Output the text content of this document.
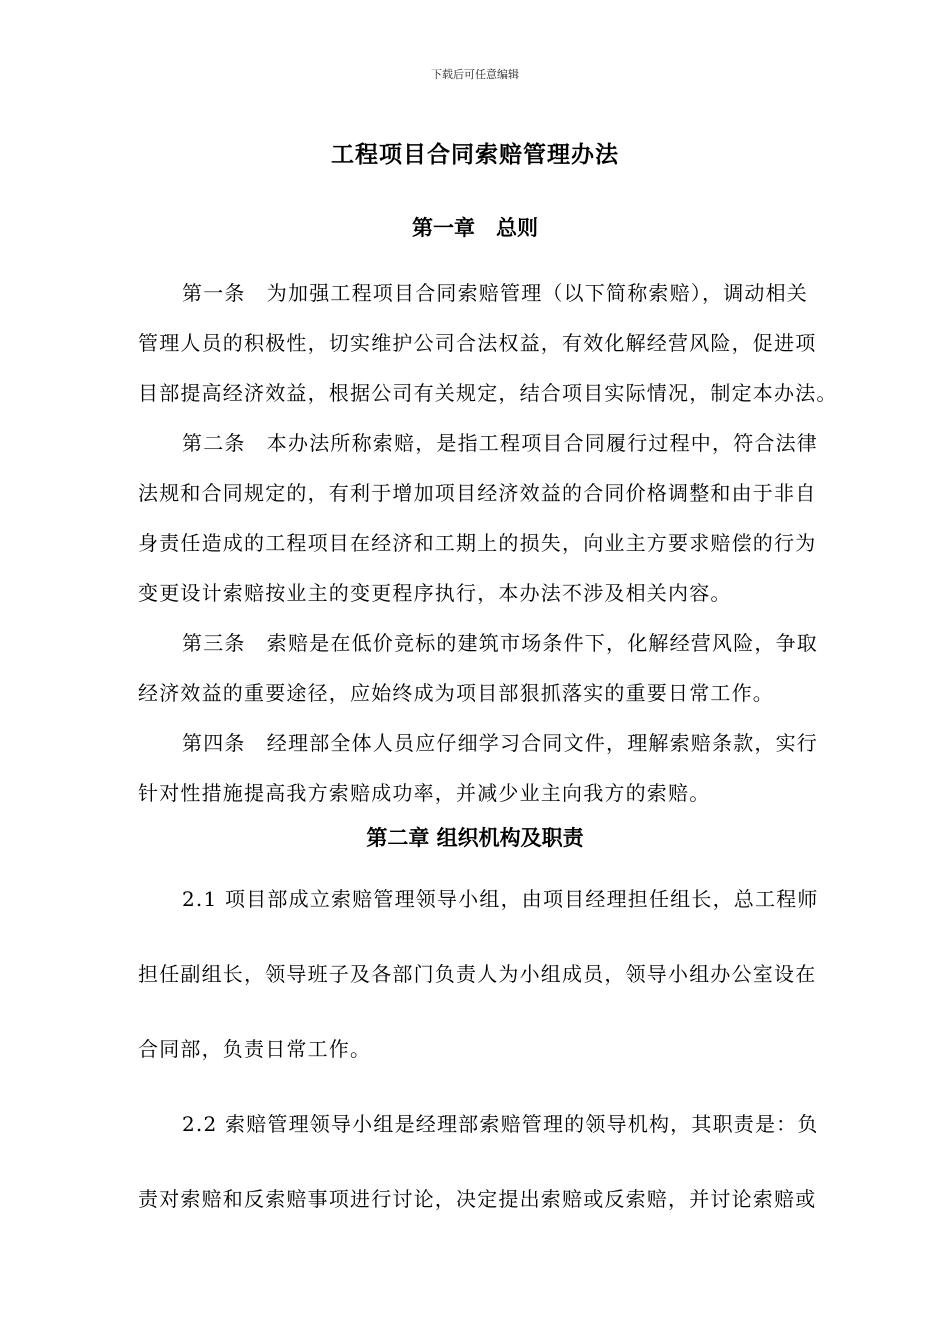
下载后可任意编辑
工程项目合同索赔管理办法
第一章　总则
第一条　为加强工程项目合同索赔管理（以下简称索赔），调动相关
管理人员的积极性，切实维护公司合法权益，有效化解经营风险，促进项
目部提高经济效益，根据公司有关规定，结合项目实际情况，制定本办法。
第二条　本办法所称索赔，是指工程项目合同履行过程中，符合法律
法规和合同规定的，有利于增加项目经济效益的合同价格调整和由于非自
身责任造成的工程项目在经济和工期上的损失，向业主方要求赔偿的行为
变更设计索赔按业主的变更程序执行，本办法不涉及相关内容。
第三条　索赔是在低价竞标的建筑市场条件下，化解经营风险，争取
经济效益的重要途径，应始终成为项目部狠抓落实的重要日常工作。
第四条　经理部全体人员应仔细学习合同文件，理解索赔条款，实行
针对性措施提高我方索赔成功率，并减少业主向我方的索赔。
第二章 组织机构及职责
2.1 项目部成立索赔管理领导小组，由项目经理担任组长，总工程师
担任副组长，领导班子及各部门负责人为小组成员，领导小组办公室设在
合同部，负责日常工作。
2.2 索赔管理领导小组是经理部索赔管理的领导机构，其职责是：负
责对索赔和反索赔事项进行讨论，决定提出索赔或反索赔，并讨论索赔或
